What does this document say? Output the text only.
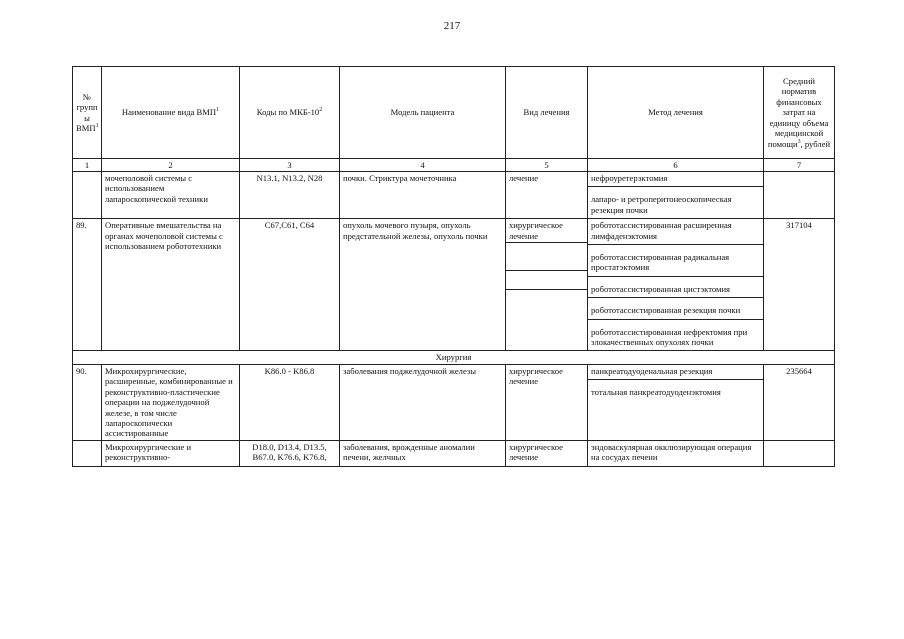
217
№ групп ы ВМП$^1$	Наименование вида ВМП$^1$	Коды по МКБ-$10^2$	Модель пациента	Вид лечения	Метод лечения	Средний норматив финансовых затрат на единицу объема медицинской помощи$^3$, рублей
1	2	3	4	5	6	7
	мочеполовой системы с использованием лапароскопической техники	N13.1, N13.2, N28	почки. Стриктура мочеточника	лечение	нефроуретерэктомия
лапаро- и ретроперитонеоскопическая резекция почки	

89.	Оперативные вмешательства на органах мочеполовой системы с использованием робототехники	C67,C61, C64	опухоль мочевого пузыря, опухоль предстательной железы, опухоль почки	хирургическое лечение	робототассистированная расширенная лимфаденэктомия
робототассистированная радикальная простатэктомия
робототассистированная цистэктомия
робототассистированная резекция почки
робототассистированная нефректомия при злокачественных опухолях почки	317104
Хирургия						
90.	Микрохирургические, расширенные, комбинированные и реконструктивно-пластические операции на поджелудочной железе, в том числе лапароскопически ассистированные	K86.0 - K86.8	заболевания поджелудочной железы	хирургическое лечение	панкреатодуоденальная резекция
тотальная панкреатодуоденэктомия	235664
	Микрохирургические и реконструктивно-	D18.0, D13.4, D13.5, B67.0, K76.6, K76.8,	заболевания, врожденные аномалии печени, желчных	хирургическое лечение	эндоваскулярная окклюзирующая операция на сосудах печени	
